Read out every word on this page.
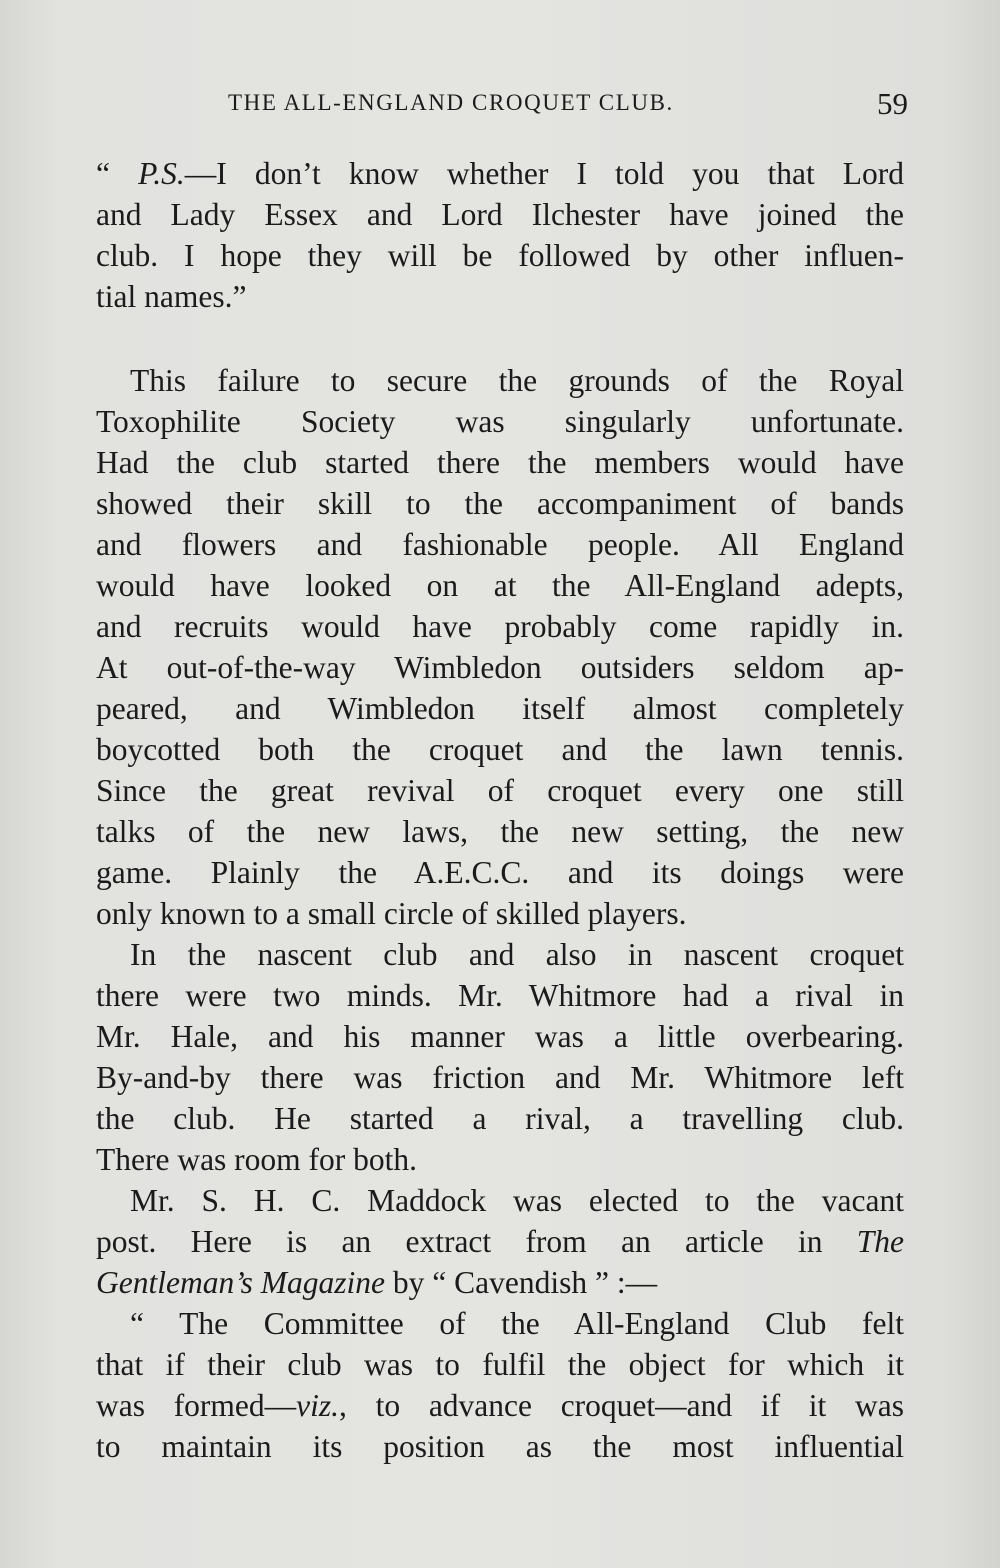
THE ALL-ENGLAND CROQUET CLUB.	59
“ P.S.—I don’t know whether I told you that Lord
and Lady Essex and Lord Ilchester have joined the
club. I hope they will be followed by other influen-
tial names.”
This failure to secure the grounds of the Royal
Toxophilite Society was singularly unfortunate.
Had the club started there the members would have
showed their skill to the accompaniment of bands
and flowers and fashionable people. All England
would have looked on at the All-England adepts,
and recruits would have probably come rapidly in.
At out-of-the-way Wimbledon outsiders seldom ap-
peared, and Wimbledon itself almost completely
boycotted both the croquet and the lawn tennis.
Since the great revival of croquet every one still
talks of the new laws, the new setting, the new
game. Plainly the A.E.C.C. and its doings were
only known to a small circle of skilled players.
In the nascent club and also in nascent croquet
there were two minds. Mr. Whitmore had a rival in
Mr. Hale, and his manner was a little overbearing.
By-and-by there was friction and Mr. Whitmore left
the club. He started a rival, a travelling club.
There was room for both.
Mr. S. H. C. Maddock was elected to the vacant
post. Here is an extract from an article in The
Gentleman’s Magazine by “ Cavendish ” :—
“ The Committee of the All-England Club felt
that if their club was to fulfil the object for which it
was formed—viz., to advance croquet—and if it was
to maintain its position as the most influential
